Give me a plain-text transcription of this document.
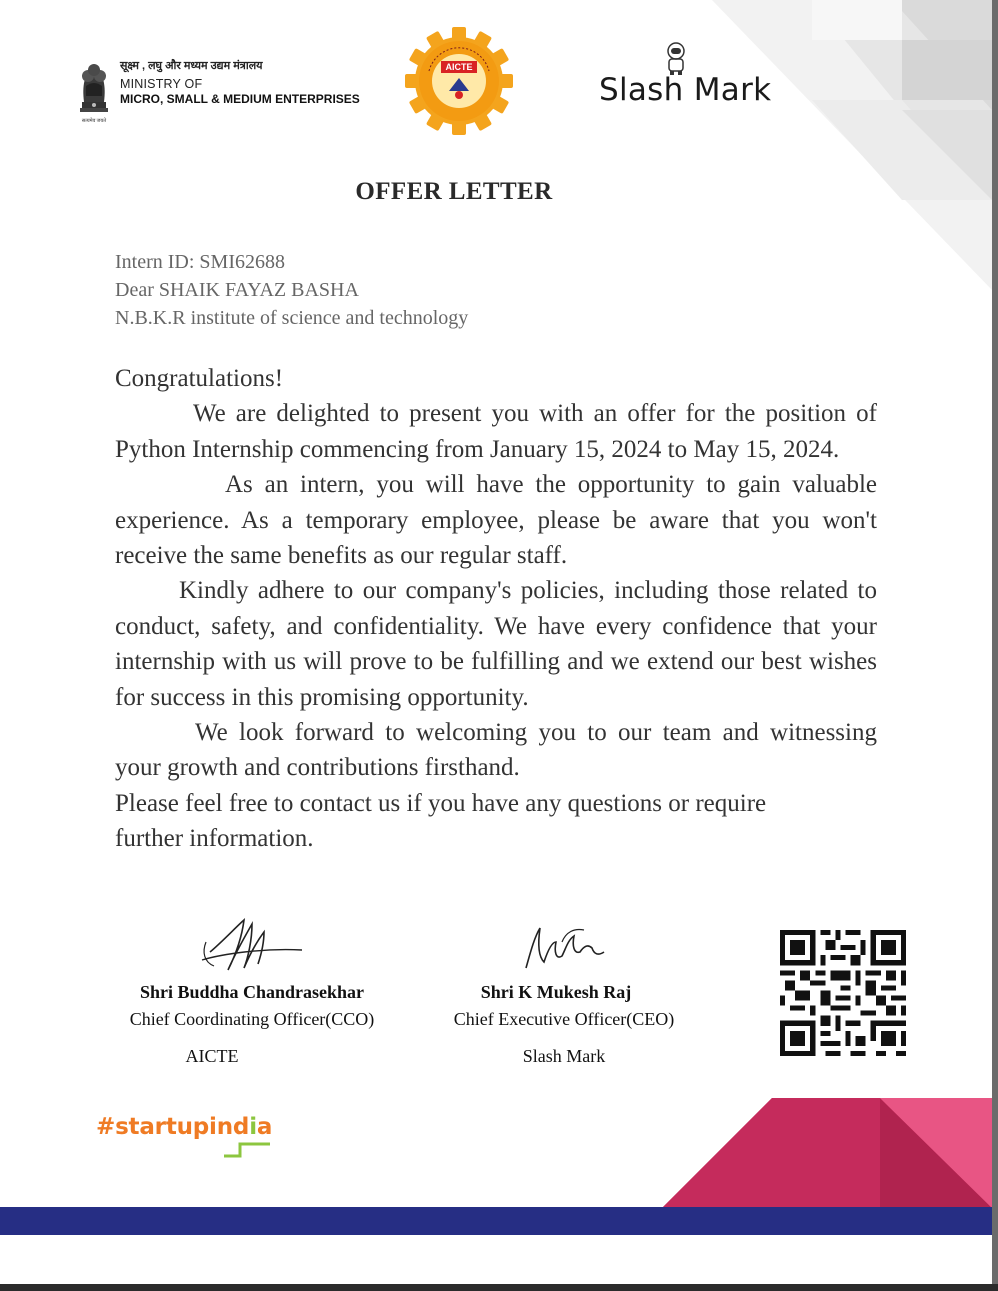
सत्यमेव जयते
सूक्ष्म , लघु और मध्यम उद्यम मंत्रालय
MINISTRY OF
MICRO, SMALL & MEDIUM ENTERPRISES
AICTE
Slash Mark
OFFER LETTER
Intern ID: SMI62688
Dear SHAIK FAYAZ BASHA
N.B.K.R institute of science and technology

Congratulations!

We are delighted to present you with an offer for the position of Python Internship commencing from January 15, 2024 to May 15, 2024.

As an intern, you will have the opportunity to gain valuable experience. As a temporary employee, please be aware that you won't receive the same benefits as our regular staff.

Kindly adhere to our company's policies, including those related to conduct, safety, and confidentiality. We have every confidence that your internship with us will prove to be fulfilling and we extend our best wishes for success in this promising opportunity.

We look forward to welcoming you to our team and witnessing your growth and contributions firsthand.

Please feel free to contact us if you have any questions or require further information.

Shri Buddha Chandrasekhar
Chief Coordinating Officer(CCO)
AICTE
Shri K Mukesh Raj
Chief Executive Officer(CEO)
Slash Mark
#startupindia
